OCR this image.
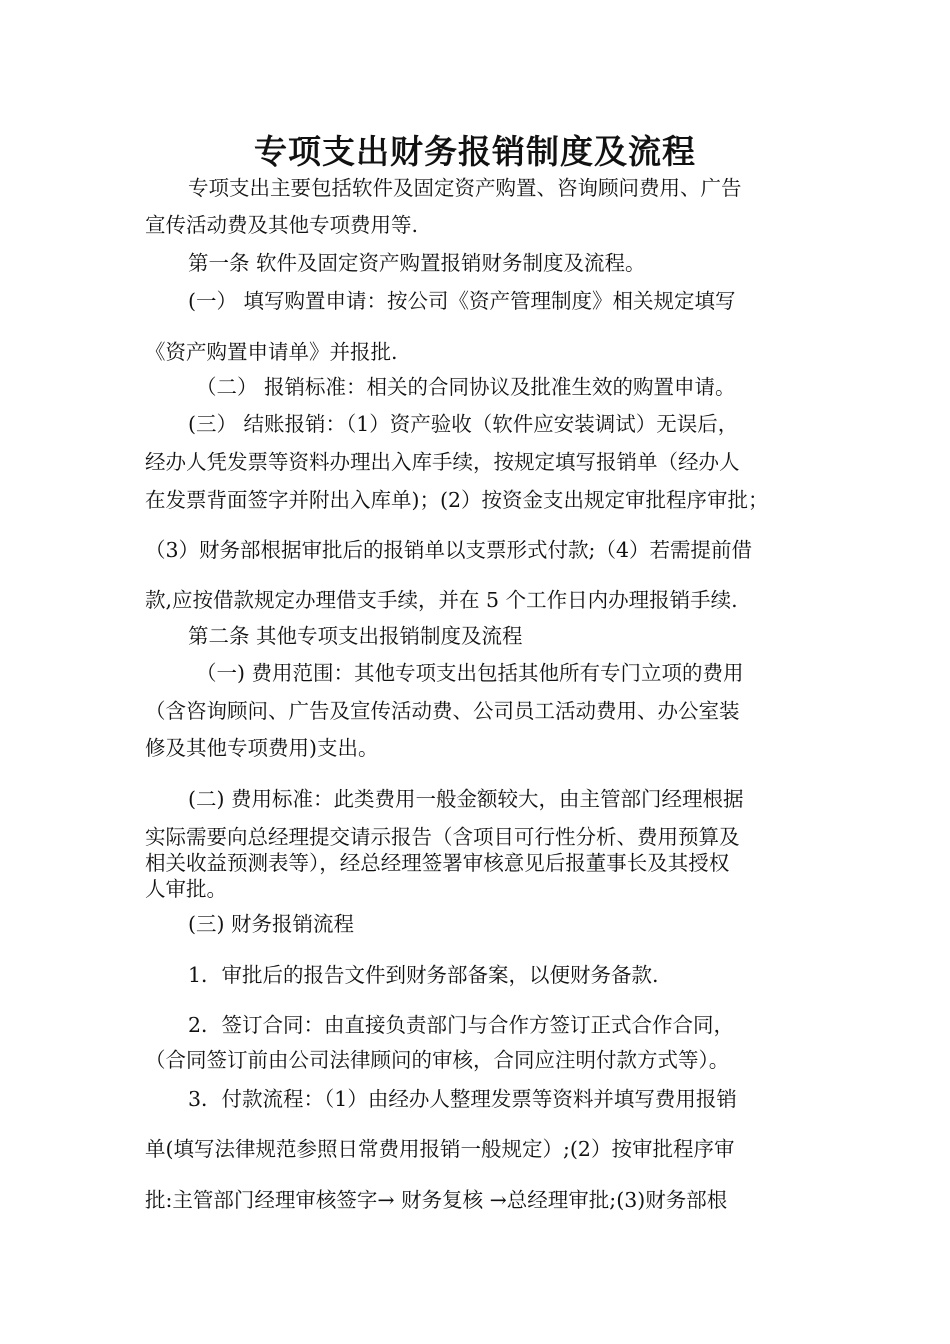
专项支出财务报销制度及流程
专项支出主要包括软件及固定资产购置、咨询顾问费用、广告
宣传活动费及其他专项费用等.
第一条 软件及固定资产购置报销财务制度及流程。
(一） 填写购置申请：按公司《资产管理制度》相关规定填写
《资产购置申请单》并报批.
（二） 报销标准：相关的合同协议及批准生效的购置申请。
(三） 结账报销：（1）资产验收（软件应安装调试）无误后，
经办人凭发票等资料办理出入库手续，按规定填写报销单（经办人
在发票背面签字并附出入库单)；(2）按资金支出规定审批程序审批；
（3）财务部根据审批后的报销单以支票形式付款;（4）若需提前借
款,应按借款规定办理借支手续，并在 5 个工作日内办理报销手续.
第二条 其他专项支出报销制度及流程
（一) 费用范围：其他专项支出包括其他所有专门立项的费用
（含咨询顾问、广告及宣传活动费、公司员工活动费用、办公室装
修及其他专项费用)支出。
(二) 费用标准：此类费用一般金额较大，由主管部门经理根据
实际需要向总经理提交请示报告（含项目可行性分析、费用预算及
相关收益预测表等），经总经理签署审核意见后报董事长及其授权
人审批。
(三) 财务报销流程
1．审批后的报告文件到财务部备案，以便财务备款.
2．签订合同：由直接负责部门与合作方签订正式合作合同，
（合同签订前由公司法律顾问的审核，合同应注明付款方式等）。
3．付款流程：（1）由经办人整理发票等资料并填写费用报销
单(填写法律规范参照日常费用报销一般规定）;(2）按审批程序审
批:主管部门经理审核签字→ 财务复核 →总经理审批;(3)财务部根
